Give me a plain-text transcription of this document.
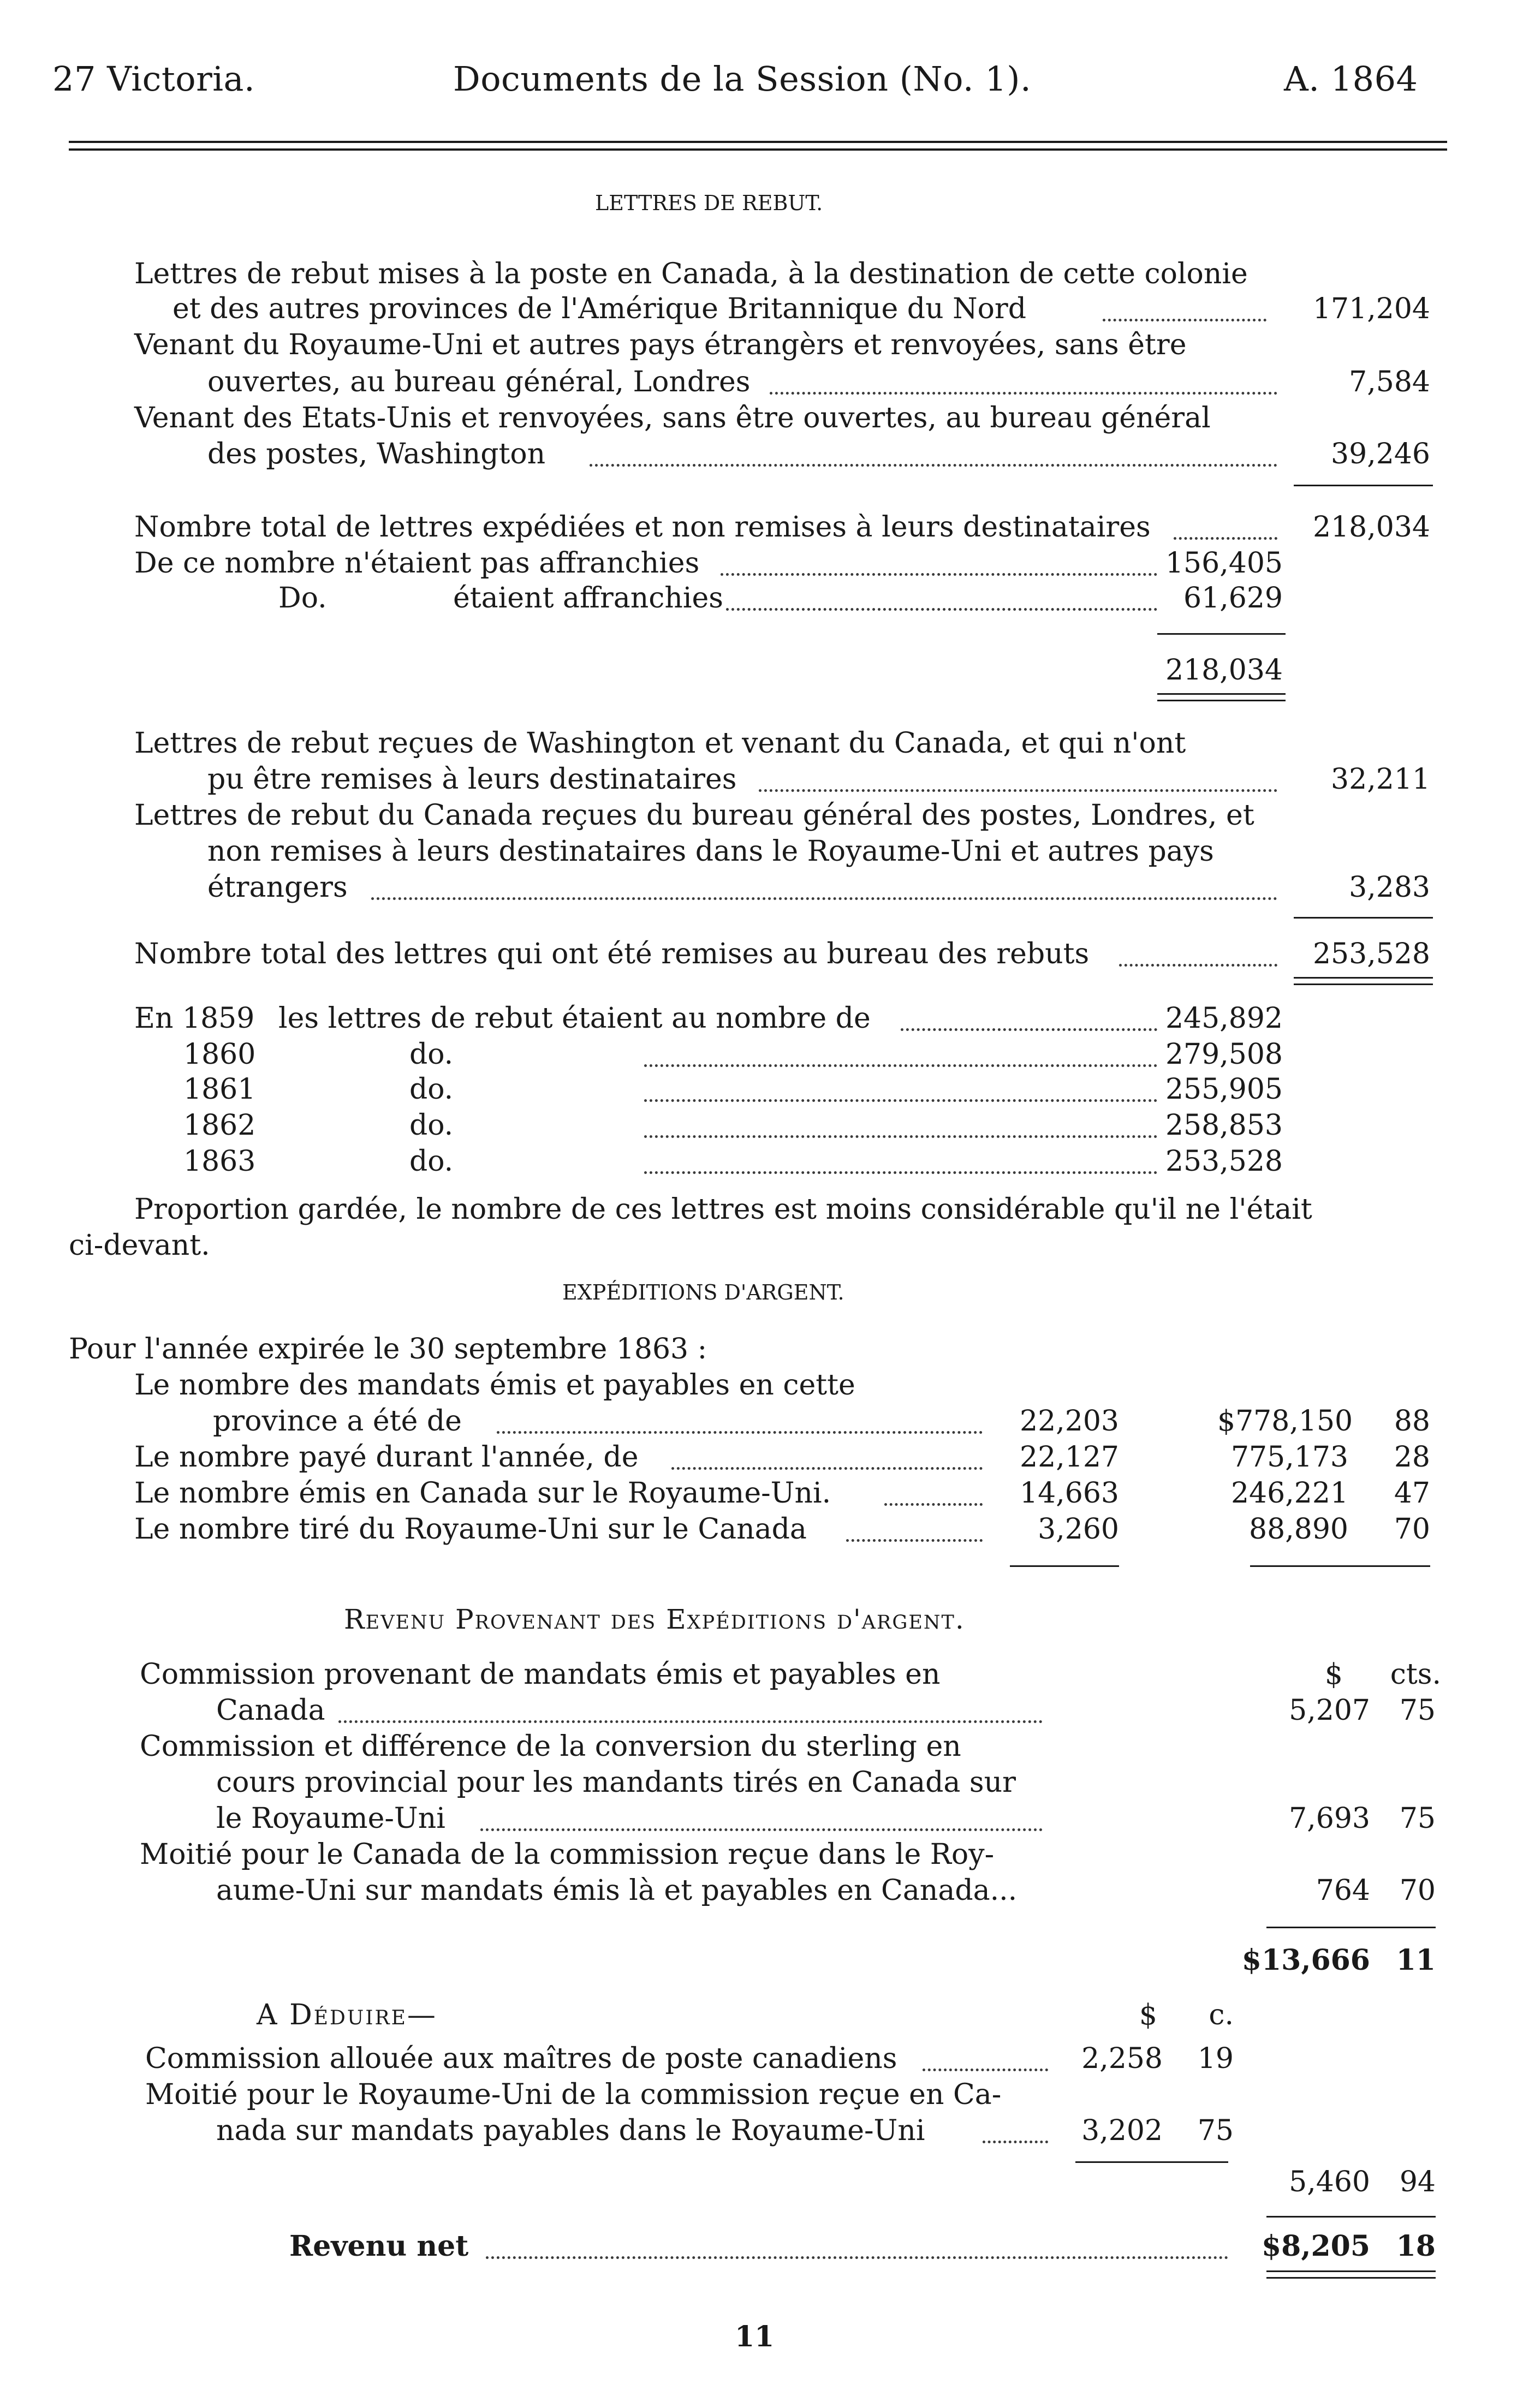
27 Victoria.	Documents de la Session (No. 1).	A. 1864
LETTRES DE REBUT.
Lettres de rebut mises à la poste en Canada, à la destination de cette colonie
et des autres provinces de l'Amérique Britannique du Nord	171,204
Venant du Royaume-Uni et autres pays étrangèrs et renvoyées, sans être
ouvertes, au bureau général, Londres	7,584
Venant des Etats-Unis et renvoyées, sans être ouvertes, au bureau général
des postes, Washington	39,246
Nombre total de lettres expédiées et non remises à leurs destinataires	218,034
De ce nombre n'étaient pas affranchies	156,405
Do.	étaient affranchies	61,629
218,034
Lettres de rebut reçues de Washington et venant du Canada, et qui n'ont
pu être remises à leurs destinataires	32,211
Lettres de rebut du Canada reçues du bureau général des postes, Londres, et
non remises à leurs destinataires dans le Royaume-Uni et autres pays
étrangers	3,283
Nombre total des lettres qui ont été remises au bureau des rebuts	253,528
En 1859 les lettres de rebut étaient au nombre de	245,892
1860	do.	279,508
1861	do.	255,905
1862	do.	258,853
1863	do.	253,528
Proportion gardée, le nombre de ces lettres est moins considérable qu'il ne l'était
ci-devant.
EXPÉDITIONS D'ARGENT.
Pour l'année expirée le 30 septembre 1863 :
Le nombre des mandats émis et payables en cette
province a été de	22,203	$778,150	88
Le nombre payé durant l'année, de	22,127	775,173	28
Le nombre émis en Canada sur le Royaume-Uni.	14,663	246,221	47
Le nombre tiré du Royaume-Uni sur le Canada	3,260	88,890	70
Revenu Provenant des Expéditions d'argent.
$	cts.
Commission provenant de mandats émis et payables en
Canada	5,207	75
Commission et différence de la conversion du sterling en
cours provincial pour les mandants tirés en Canada sur
le Royaume-Uni	7,693	75
Moitié pour le Canada de la commission reçue dans le Roy-
aume-Uni sur mandats émis là et payables en Canada...	764	70
$13,666 11
A Déduire—	$	c.
Commission allouée aux maîtres de poste canadiens	2,258	19
Moitié pour le Royaume-Uni de la commission reçue en Ca-
nada sur mandats payables dans le Royaume-Uni	3,202	75
5,460	94
Revenu net	$8,205 18
11
